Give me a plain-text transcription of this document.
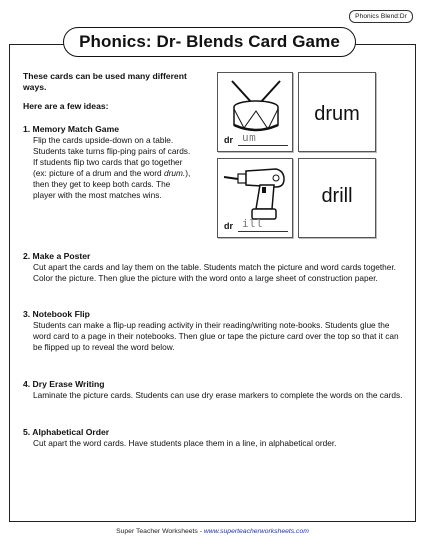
Phonics Blend:Dr
Phonics: Dr- Blends Card Game
These cards can be used many different ways.
Here are a few ideas:
1. Memory Match Game
Flip the cards upside-down on a table. Students take turns flip-ping pairs of cards. If students flip two cards that go together (ex: picture of a drum and the word drum.), then they get to keep both cards. The player with the most matches wins.
dr um
drum
dr ill
drill
2. Make a Poster
Cut apart the cards and lay them on the table. Students match the picture and word cards together. Color the picture. Then glue the picture with the word onto a large sheet of construction paper.
3. Notebook Flip
Students can make a flip-up reading activity in their reading/writing note-books. Students glue the word card to a page in their notebooks. Then glue or tape the picture card over the top so that it can be flipped up to reveal the word below.
4. Dry Erase Writing
Laminate the picture cards. Students can use dry erase markers to complete the words on the cards.
5. Alphabetical Order
Cut apart the word cards. Have students place them in a line, in alphabetical order.
Super Teacher Worksheets - www.superteacherworksheets.com
